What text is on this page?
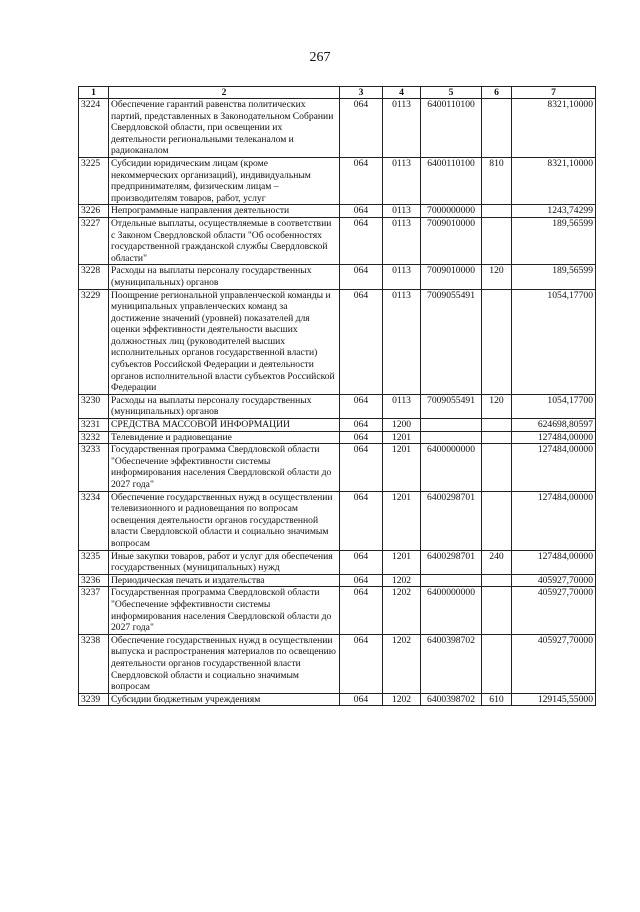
267
1	2	3	4	5	6	7
3224	Обеспечение гарантий равенства политических партий, представленных в Законодательном Собрании Свердловской области, при освещении их деятельности региональными телеканалом и радиоканалом	064	0113	6400110100		8321,10000
3225	Субсидии юридическим лицам (кроме некоммерческих организаций), индивидуальным предпринимателям, физическим лицам – производителям товаров, работ, услуг	064	0113	6400110100	810	8321,10000
3226	Непрограммные направления деятельности	064	0113	7000000000		1243,74299
3227	Отдельные выплаты, осуществляемые в соответствии с Законом Свердловской области "Об особенностях государственной гражданской службы Свердловской области"	064	0113	7009010000		189,56599
3228	Расходы на выплаты персоналу государственных (муниципальных) органов	064	0113	7009010000	120	189,56599
3229	Поощрение региональной управленческой команды и муниципальных управленческих команд за достижение значений (уровней) показателей для оценки эффективности деятельности высших должностных лиц (руководителей высших исполнительных органов государственной власти) субъектов Российской Федерации и деятельности органов исполнительной власти субъектов Российской Федерации	064	0113	7009055491		1054,17700
3230	Расходы на выплаты персоналу государственных (муниципальных) органов	064	0113	7009055491	120	1054,17700
3231	СРЕДСТВА МАССОВОЙ ИНФОРМАЦИИ	064	1200			624698,80597
3232	Телевидение и радиовещание	064	1201			127484,00000
3233	Государственная программа Свердловской области "Обеспечение эффективности системы информирования населения Свердловской области до 2027 года"	064	1201	6400000000		127484,00000
3234	Обеспечение государственных нужд в осуществлении телевизионного и радиовещания по вопросам освещения деятельности органов государственной власти Свердловской области и социально значимым вопросам	064	1201	6400298701		127484,00000
3235	Иные закупки товаров, работ и услуг для обеспечения государственных (муниципальных) нужд	064	1201	6400298701	240	127484,00000
3236	Периодическая печать и издательства	064	1202			405927,70000
3237	Государственная программа Свердловской области "Обеспечение эффективности системы информирования населения Свердловской области до 2027 года"	064	1202	6400000000		405927,70000
3238	Обеспечение государственных нужд в осуществлении выпуска и распространения материалов по освещению деятельности органов государственной власти Свердловской области и социально значимым вопросам	064	1202	6400398702		405927,70000
3239	Субсидии бюджетным учреждениям	064	1202	6400398702	610	129145,55000
